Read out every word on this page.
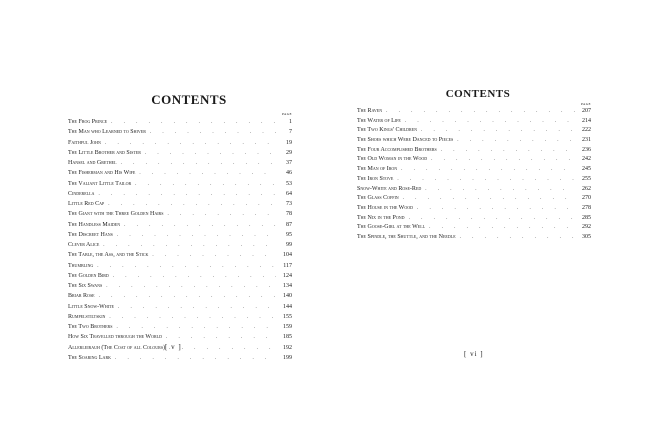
CONTENTS
PAGE
The Frog Prince . . .	1
The Man who Learned to Shiver . . .	7
Faithful John . . .	19
The Little Brother and Sister . . .	29
Hansel and Grethel . . .	37
The Fisherman and His Wife . . .	46
The Valiant Little Tailor . . .	53
Cinderella . . .	64
Little Red Cap . . .	73
The Giant with the Three Golden Hairs . . .	78
The Handless Maiden . . .	87
The Discreet Hans . . .	95
Clever Alice . . .	99
The Table, the Ass, and the Stick . . .	104
Thumbling . . .	117
The Golden Bird . . .	124
The Six Swans . . .	134
Briar Rose . . .	140
Little Snow-White . . .	144
Rumpelstiltskin . . .	155
The Two Brothers . . .	159
How Six Travelled through the World . . .	185
Allerleirauh (The Coat of all Colours) . . .	192
The Soaring Lark . . .	199
CONTENTS
PAGE
The Raven . . .	207
The Water of Life . . .	214
The Two Kings' Children . . .	222
The Shoes which Were Danced to Pieces . . .	231
The Four Accomplished Brothers . . .	236
The Old Woman in the Wood . . .	242
The Man of Iron . . .	245
The Iron Stove . . .	255
Snow-White and Rose-Red . . .	262
The Glass Coffin . . .	270
The House in the Wood . . .	278
The Nix in the Pond . . .	285
The Goose-Girl at the Well . . .	292
The Spindle, the Shuttle, and the Needle . . .	305
[ v ]
[ vi ]
